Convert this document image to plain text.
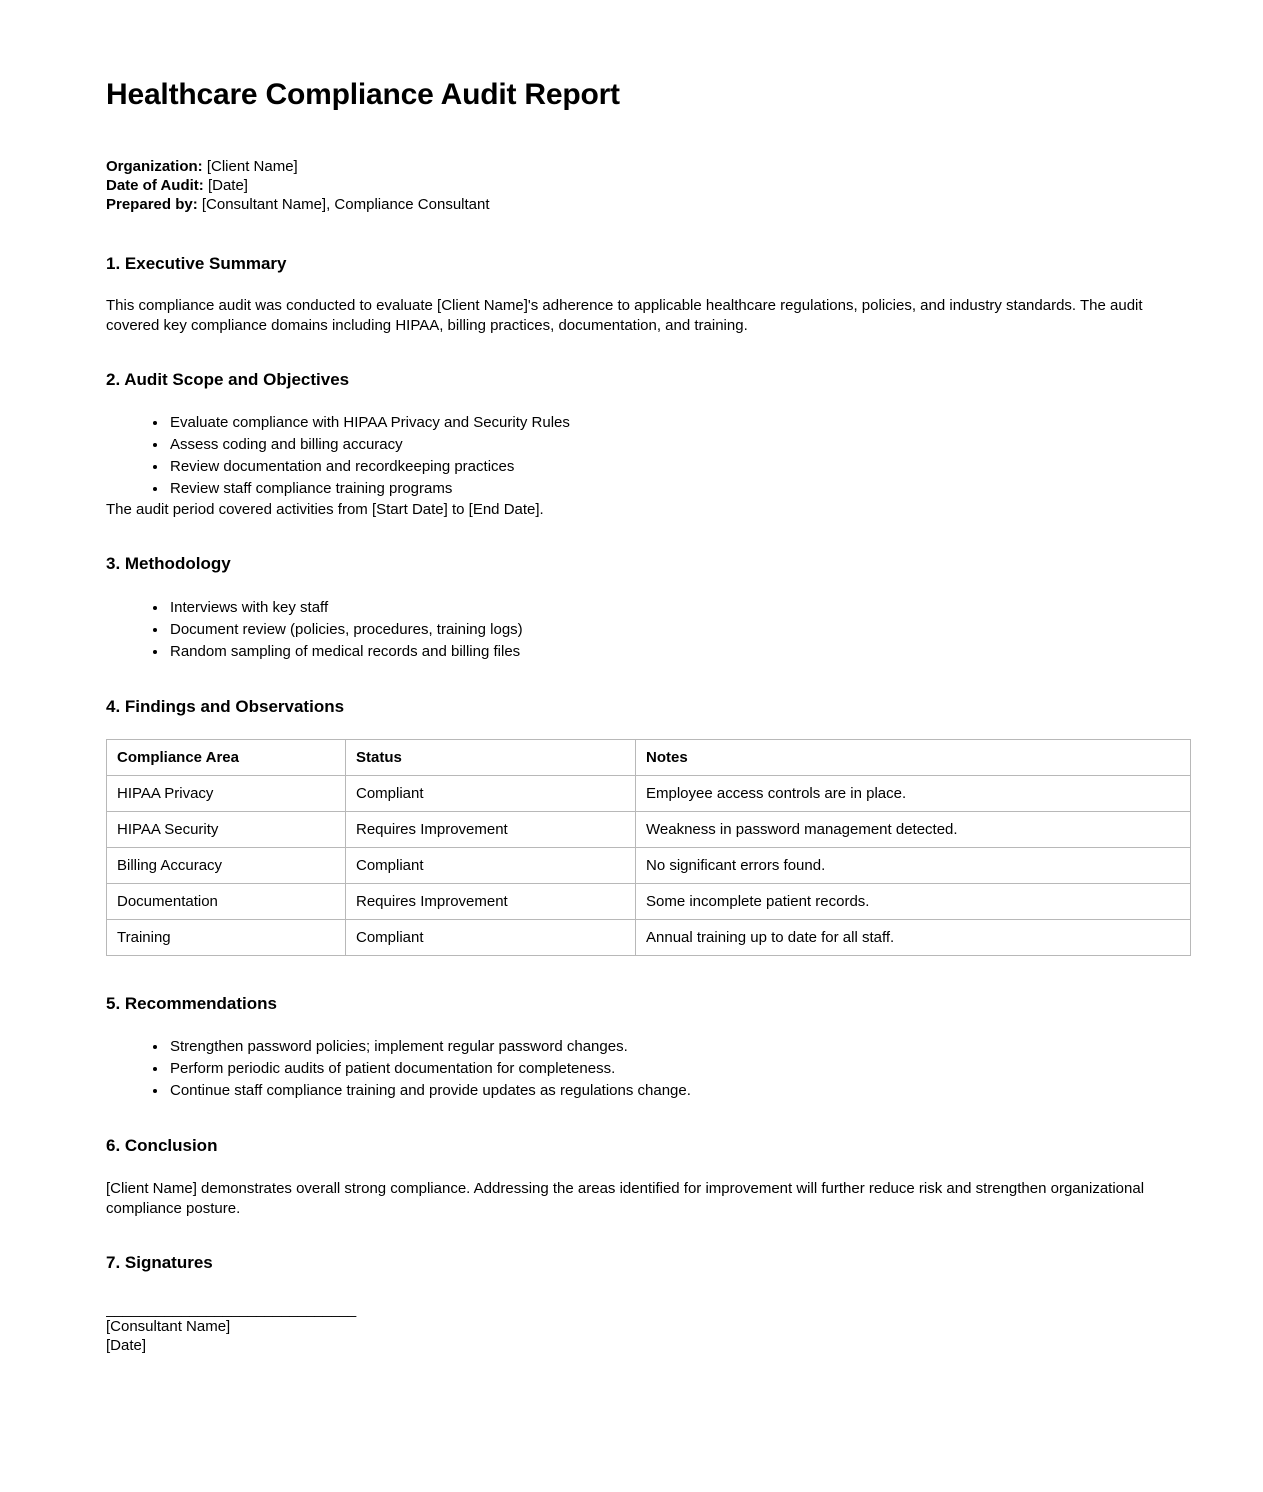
Healthcare Compliance Audit Report
Organization: [Client Name]
Date of Audit: [Date]
Prepared by: [Consultant Name], Compliance Consultant
1. Executive Summary

This compliance audit was conducted to evaluate [Client Name]'s adherence to applicable healthcare regulations, policies, and industry standards. The audit covered key compliance domains including HIPAA, billing practices, documentation, and training.

2. Audit Scope and Objectives
• Evaluate compliance with HIPAA Privacy and Security Rules
• Assess coding and billing accuracy
• Review documentation and recordkeeping practices
• Review staff compliance training programs

The audit period covered activities from [Start Date] to [End Date].

3. Methodology
• Interviews with key staff
• Document review (policies, procedures, training logs)
• Random sampling of medical records and billing files
4. Findings and Observations
Compliance Area	Status	Notes
HIPAA Privacy	Compliant	Employee access controls are in place.
HIPAA Security	Requires Improvement	Weakness in password management detected.
Billing Accuracy	Compliant	No significant errors found.
Documentation	Requires Improvement	Some incomplete patient records.
Training	Compliant	Annual training up to date for all staff.
5. Recommendations
• Strengthen password policies; implement regular password changes.
• Perform periodic audits of patient documentation for completeness.
• Continue staff compliance training and provide updates as regulations change.
6. Conclusion

[Client Name] demonstrates overall strong compliance. Addressing the areas identified for improvement will further reduce risk and strengthen organizational compliance posture.

7. Signatures
______________________________
[Consultant Name]
[Date]
